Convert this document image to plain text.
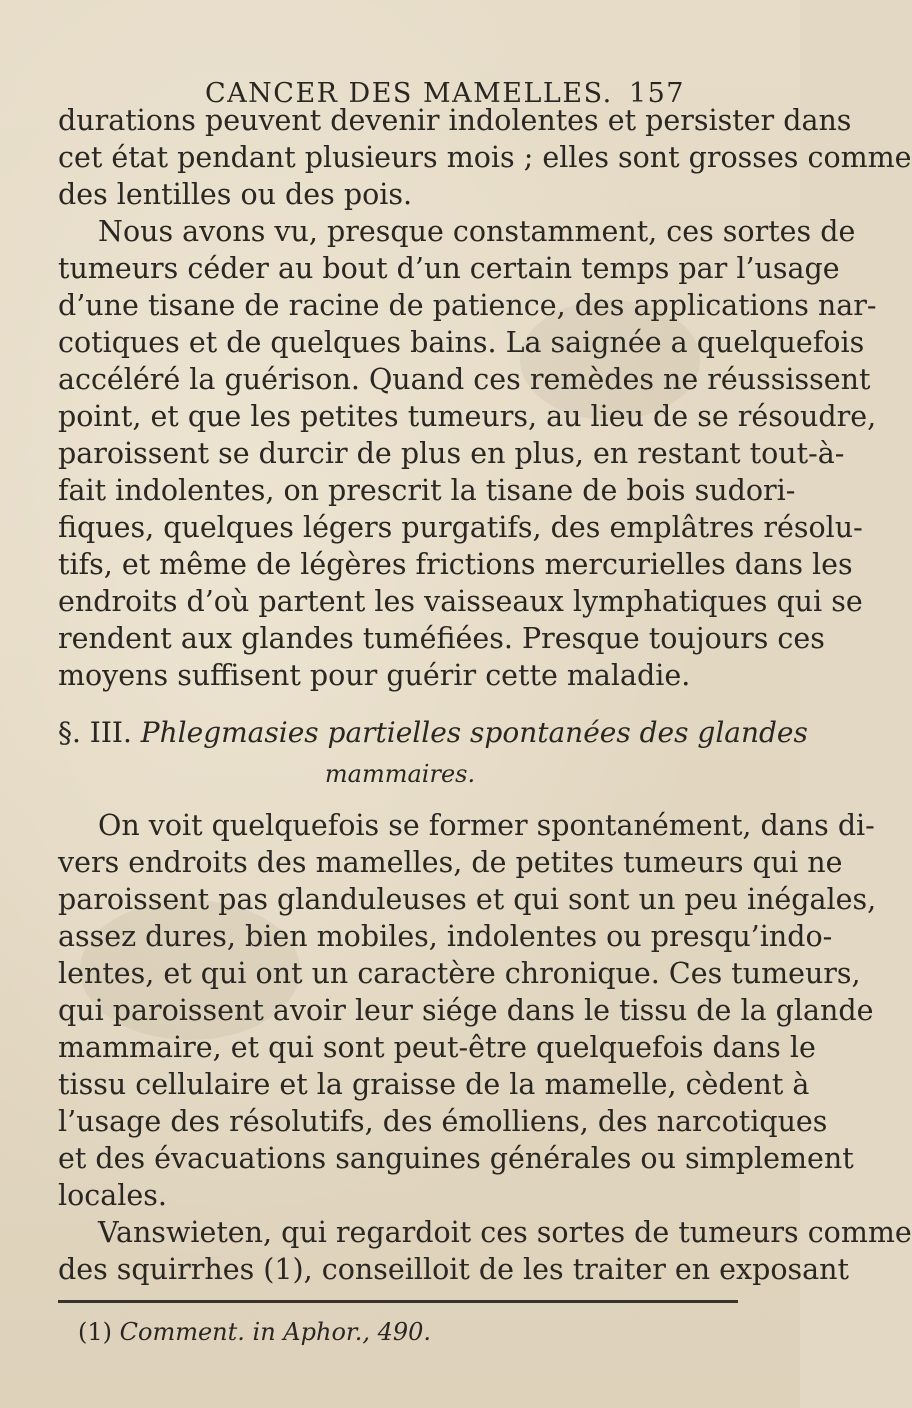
CANCER DES MAMELLES. 157
durations peuvent devenir indolentes et persister dans
cet état pendant plusieurs mois ; elles sont grosses comme
des lentilles ou des pois.
Nous avons vu, presque constamment, ces sortes de
tumeurs céder au bout d’un certain temps par l’usage
d’une tisane de racine de patience, des applications nar-
cotiques et de quelques bains. La saignée a quelquefois
accéléré la guérison. Quand ces remèdes ne réussissent
point, et que les petites tumeurs, au lieu de se résoudre,
paroissent se durcir de plus en plus, en restant tout-à-
fait indolentes, on prescrit la tisane de bois sudori-
fiques, quelques légers purgatifs, des emplâtres résolu-
tifs, et même de légères frictions mercurielles dans les
endroits d’où partent les vaisseaux lymphatiques qui se
rendent aux glandes tuméfiées. Presque toujours ces
moyens suffisent pour guérir cette maladie.
§. III. Phlegmasies partielles spontanées des glandes
mammaires.
On voit quelquefois se former spontanément, dans di-
vers endroits des mamelles, de petites tumeurs qui ne
paroissent pas glanduleuses et qui sont un peu inégales,
assez dures, bien mobiles, indolentes ou presqu’indo-
lentes, et qui ont un caractère chronique. Ces tumeurs,
qui paroissent avoir leur siége dans le tissu de la glande
mammaire, et qui sont peut-être quelquefois dans le
tissu cellulaire et la graisse de la mamelle, cèdent à
l’usage des résolutifs, des émolliens, des narcotiques
et des évacuations sanguines générales ou simplement
locales.
Vanswieten, qui regardoit ces sortes de tumeurs comme
des squirrhes (1), conseilloit de les traiter en exposant
(1) Comment. in Aphor., 490.
